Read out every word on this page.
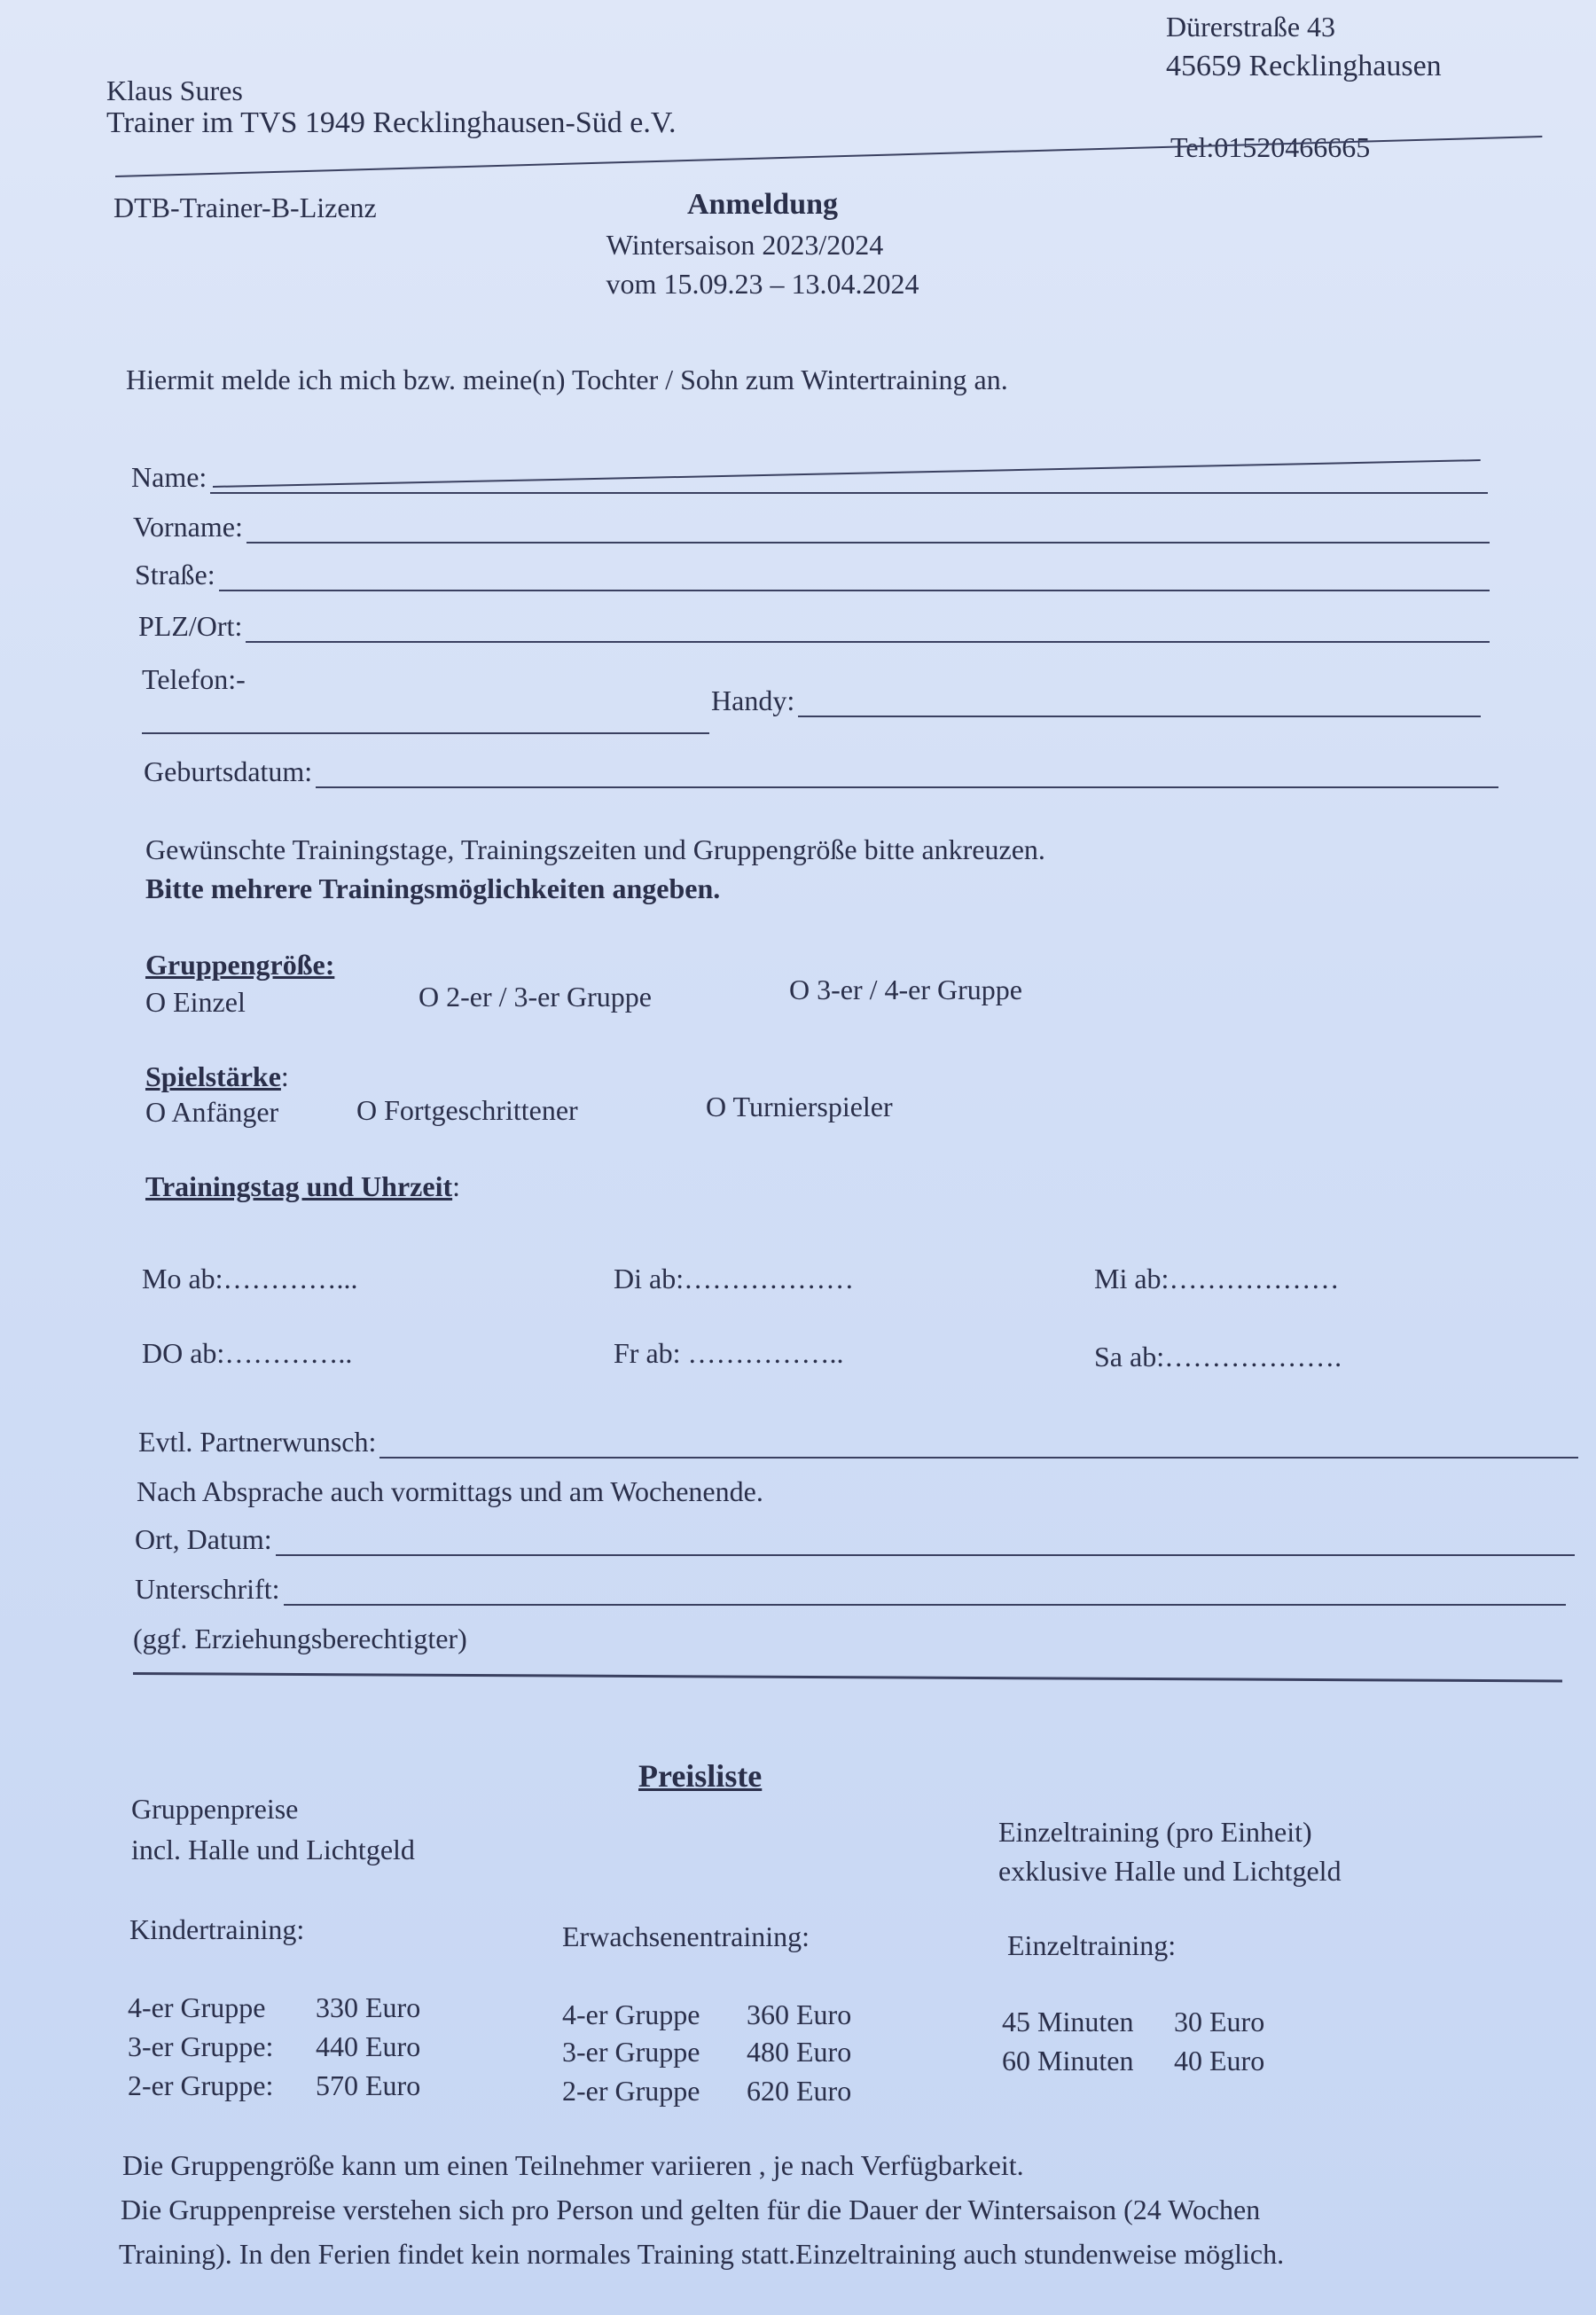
Klaus Sures
Trainer im TVS 1949 Recklinghausen-Süd e.V.
Dürerstraße 43
45659 Recklinghausen
Tel:01520466665
DTB-Trainer-B-Lizenz	Anmeldung
Wintersaison 2023/2024
vom 15.09.23 – 13.04.2024
Hiermit melde ich mich bzw. meine(n) Tochter / Sohn zum Wintertraining an.
Name:
Vorname:
Straße:
PLZ/Ort:
Telefon:-
Handy:
Geburtsdatum:
Gewünschte Trainingstage, Trainingszeiten und Gruppengröße bitte ankreuzen.
Bitte mehrere Trainingsmöglichkeiten angeben.
Gruppengröße:
O Einzel	O 2-er / 3-er Gruppe	O 3-er / 4-er Gruppe
Spielstärke:
O Anfänger	O Fortgeschrittener	O Turnierspieler
Trainingstag und Uhrzeit:
Mo ab:…………...	Di ab:………………	Mi ab:………………
DO ab:…………..	Fr ab: ……………..	Sa ab:……………….
Evtl. Partnerwunsch:
Nach Absprache auch vormittags und am Wochenende.
Ort, Datum:
Unterschrift:
(ggf. Erziehungsberechtigter)
Preisliste
Gruppenpreise
incl. Halle und Lichtgeld
Einzeltraining (pro Einheit)
exklusive Halle und Lichtgeld
Kindertraining:	Erwachsenentraining:	Einzeltraining:
4-er Gruppe 330 Euro
3-er Gruppe: 440 Euro
2-er Gruppe: 570 Euro
4-er Gruppe 360 Euro
3-er Gruppe 480 Euro
2-er Gruppe 620 Euro
45 Minuten 30 Euro
60 Minuten 40 Euro
Die Gruppengröße kann um einen Teilnehmer variieren , je nach Verfügbarkeit.
Die Gruppenpreise verstehen sich pro Person und gelten für die Dauer der Wintersaison (24 Wochen
Training). In den Ferien findet kein normales Training statt.Einzeltraining auch stundenweise möglich.
